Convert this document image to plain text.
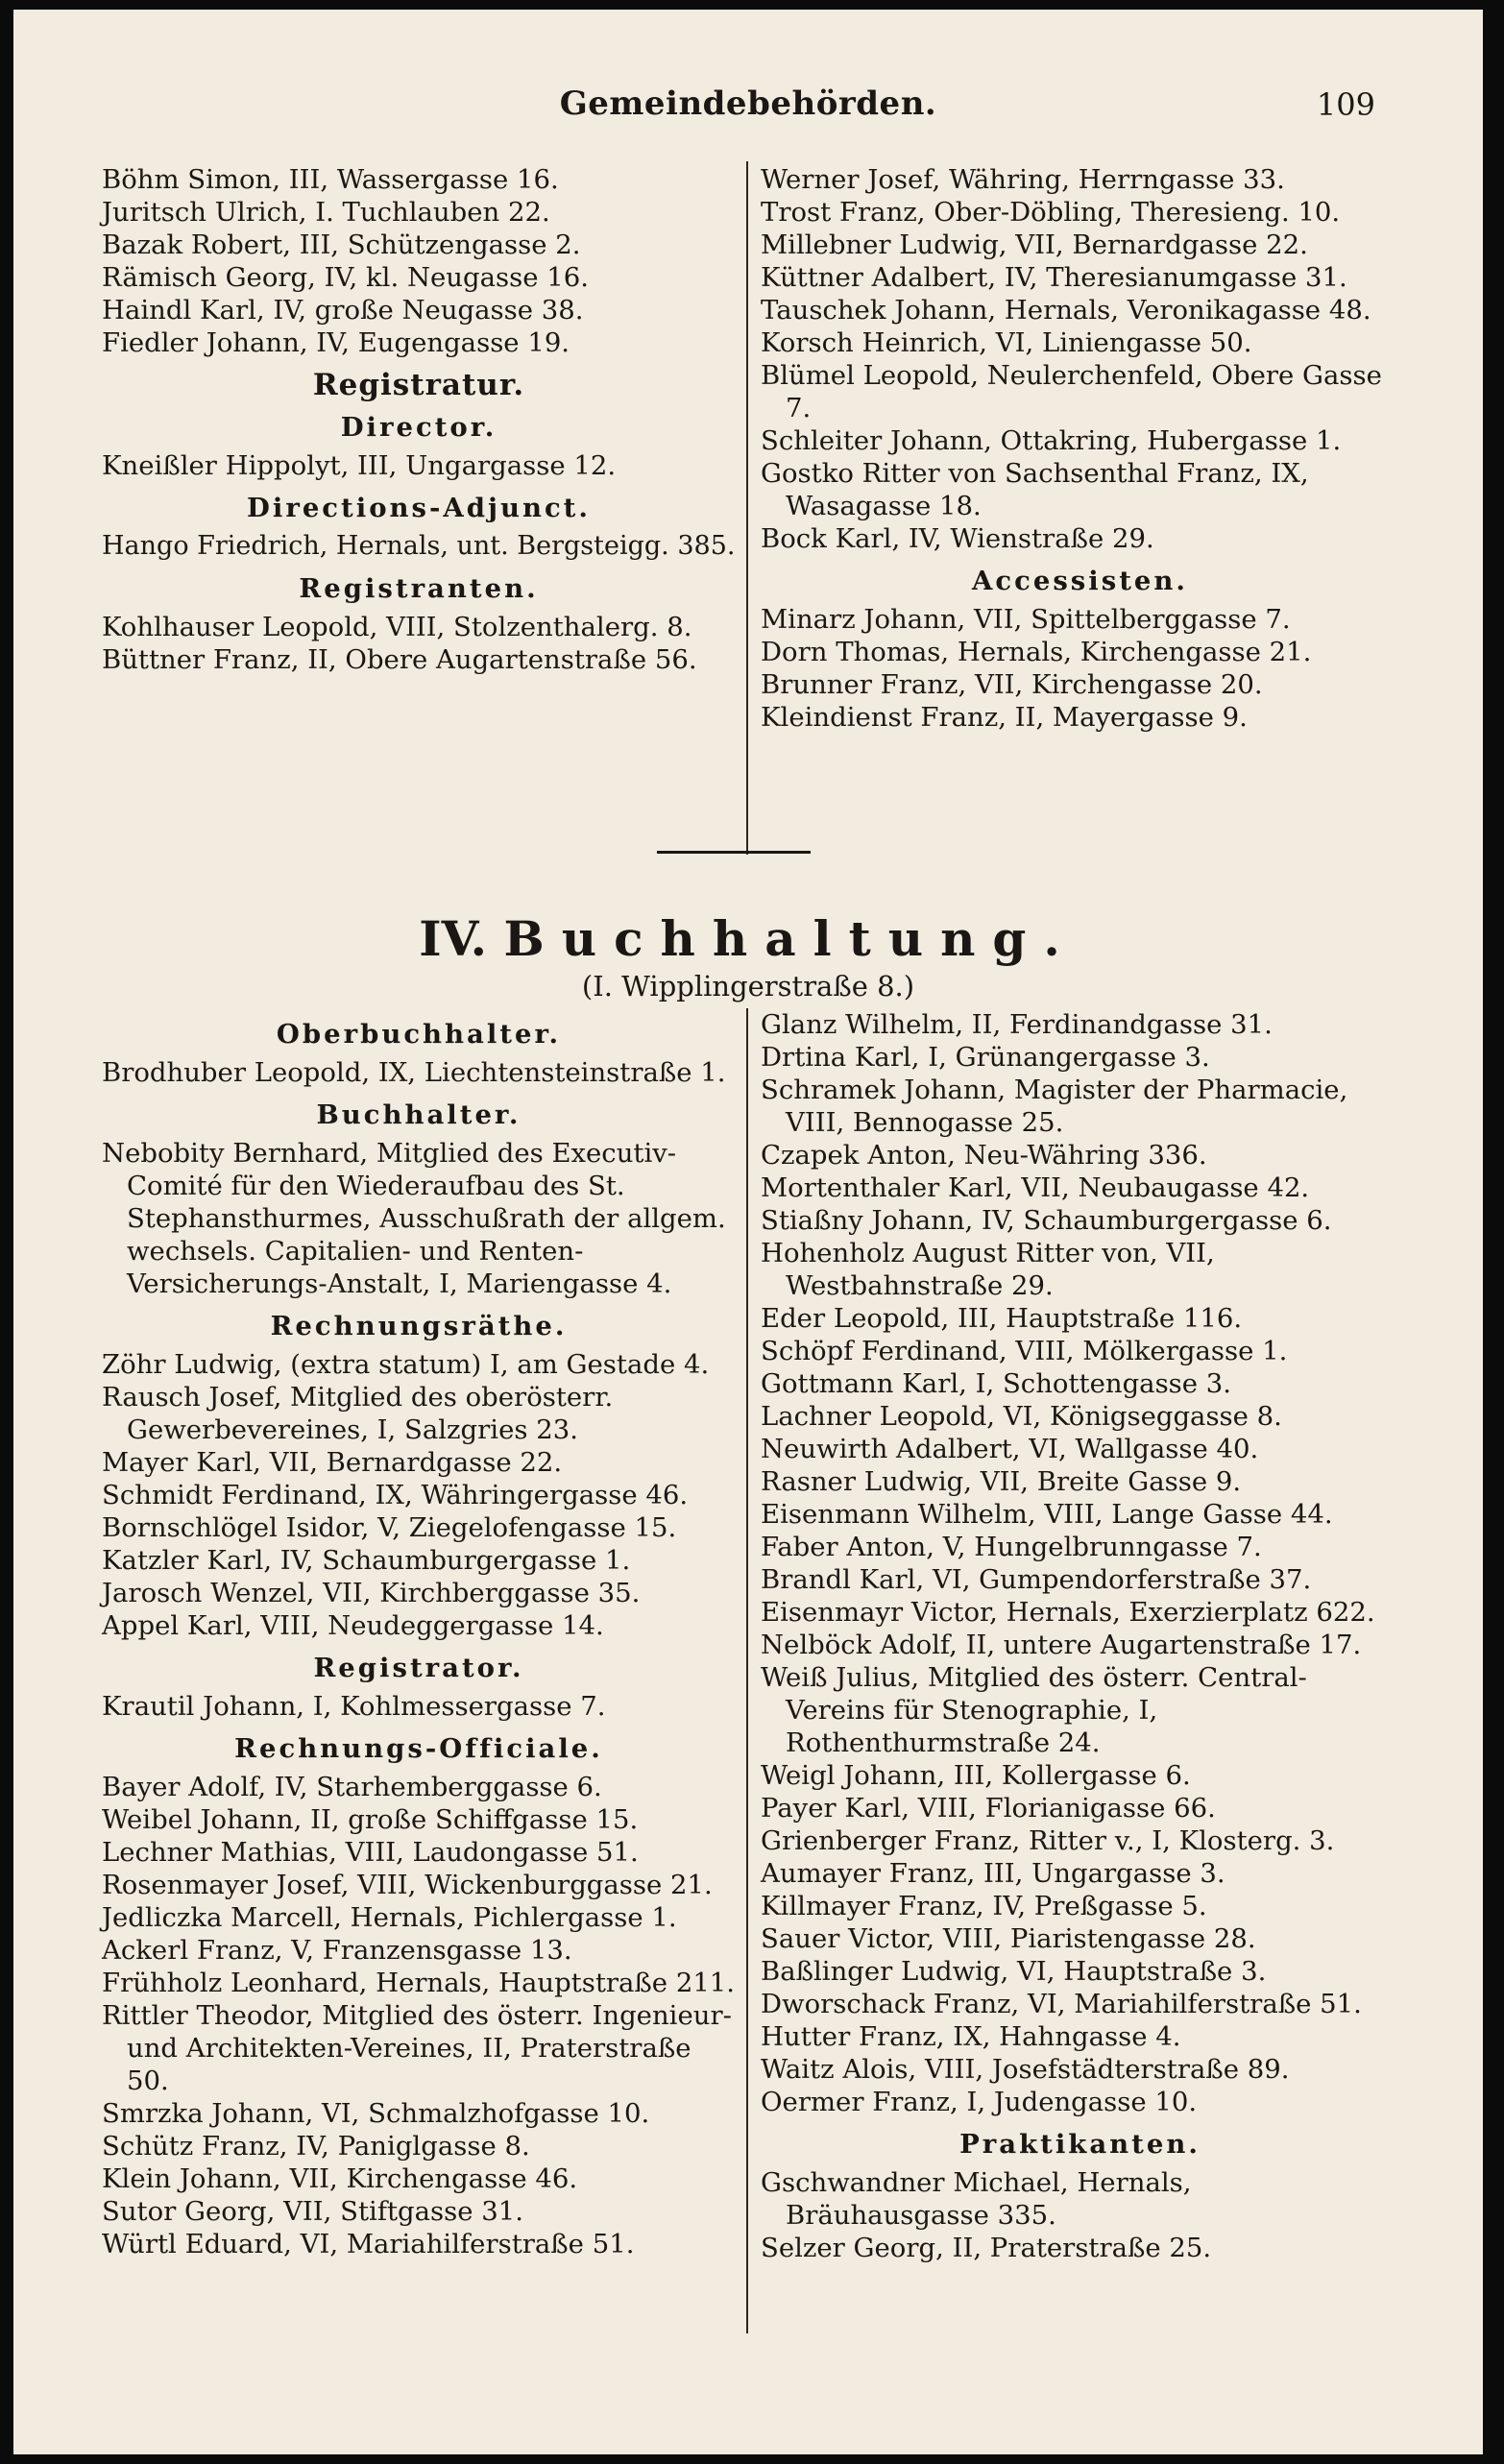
Gemeindebehörden.	109
Böhm Simon, III, Wassergasse 16.
Juritsch Ulrich, I. Tuchlauben 22.
Bazak Robert, III, Schützengasse 2.
Rämisch Georg, IV, kl. Neugasse 16.
Haindl Karl, IV, große Neugasse 38.
Fiedler Johann, IV, Eugengasse 19.
Registratur.
Director.
Kneißler Hippolyt, III, Ungargasse 12.
Directions-Adjunct.
Hango Friedrich, Hernals, unt. Bergsteigg. 385.
Registranten.
Kohlhauser Leopold, VIII, Stolzenthalerg. 8.
Büttner Franz, II, Obere Augartenstraße 56.
Werner Josef, Währing, Herrngasse 33.
Trost Franz, Ober-Döbling, Theresieng. 10.
Millebner Ludwig, VII, Bernardgasse 22.
Küttner Adalbert, IV, Theresianumgasse 31.
Tauschek Johann, Hernals, Veronikagasse 48.
Korsch Heinrich, VI, Liniengasse 50.
Blümel Leopold, Neulerchenfeld, Obere Gasse 7.
Schleiter Johann, Ottakring, Hubergasse 1.
Gostko Ritter von Sachsenthal Franz, IX, Wasagasse 18.
Bock Karl, IV, Wienstraße 29.
Accessisten.
Minarz Johann, VII, Spittelberggasse 7.
Dorn Thomas, Hernals, Kirchengasse 21.
Brunner Franz, VII, Kirchengasse 20.
Kleindienst Franz, II, Mayergasse 9.
IV. Buchhaltung.
(I. Wipplingerstraße 8.)
Oberbuchhalter.
Brodhuber Leopold, IX, Liechtensteinstraße 1.
Buchhalter.
Nebobity Bernhard, Mitglied des Executiv-Comité für den Wiederaufbau des St. Stephansthurmes, Ausschußrath der allgem. wechsels. Capitalien- und Renten-Versicherungs-Anstalt, I, Mariengasse 4.
Rechnungsräthe.
Zöhr Ludwig, (extra statum) I, am Gestade 4.
Rausch Josef, Mitglied des oberösterr. Gewerbevereines, I, Salzgries 23.
Mayer Karl, VII, Bernardgasse 22.
Schmidt Ferdinand, IX, Währingergasse 46.
Bornschlögel Isidor, V, Ziegelofengasse 15.
Katzler Karl, IV, Schaumburgergasse 1.
Jarosch Wenzel, VII, Kirchberggasse 35.
Appel Karl, VIII, Neudeggergasse 14.
Registrator.
Krautil Johann, I, Kohlmessergasse 7.
Rechnungs-Officiale.
Bayer Adolf, IV, Starhemberggasse 6.
Weibel Johann, II, große Schiffgasse 15.
Lechner Mathias, VIII, Laudongasse 51.
Rosenmayer Josef, VIII, Wickenburggasse 21.
Jedliczka Marcell, Hernals, Pichlergasse 1.
Ackerl Franz, V, Franzensgasse 13.
Frühholz Leonhard, Hernals, Hauptstraße 211.
Rittler Theodor, Mitglied des österr. Ingenieur- und Architekten-Vereines, II, Praterstraße 50.
Smrzka Johann, VI, Schmalzhofgasse 10.
Schütz Franz, IV, Paniglgasse 8.
Klein Johann, VII, Kirchengasse 46.
Sutor Georg, VII, Stiftgasse 31.
Würtl Eduard, VI, Mariahilferstraße 51.
Glanz Wilhelm, II, Ferdinandgasse 31.
Drtina Karl, I, Grünangergasse 3.
Schramek Johann, Magister der Pharmacie, VIII, Bennogasse 25.
Czapek Anton, Neu-Währing 336.
Mortenthaler Karl, VII, Neubaugasse 42.
Stiaßny Johann, IV, Schaumburgergasse 6.
Hohenholz August Ritter von, VII, Westbahnstraße 29.
Eder Leopold, III, Hauptstraße 116.
Schöpf Ferdinand, VIII, Mölkergasse 1.
Gottmann Karl, I, Schottengasse 3.
Lachner Leopold, VI, Königseggasse 8.
Neuwirth Adalbert, VI, Wallgasse 40.
Rasner Ludwig, VII, Breite Gasse 9.
Eisenmann Wilhelm, VIII, Lange Gasse 44.
Faber Anton, V, Hungelbrunngasse 7.
Brandl Karl, VI, Gumpendorferstraße 37.
Eisenmayr Victor, Hernals, Exerzierplatz 622.
Nelböck Adolf, II, untere Augartenstraße 17.
Weiß Julius, Mitglied des österr. Central-Vereins für Stenographie, I, Rothenthurmstraße 24.
Weigl Johann, III, Kollergasse 6.
Payer Karl, VIII, Florianigasse 66.
Grienberger Franz, Ritter v., I, Klosterg. 3.
Aumayer Franz, III, Ungargasse 3.
Killmayer Franz, IV, Preßgasse 5.
Sauer Victor, VIII, Piaristengasse 28.
Baßlinger Ludwig, VI, Hauptstraße 3.
Dworschack Franz, VI, Mariahilferstraße 51.
Hutter Franz, IX, Hahngasse 4.
Waitz Alois, VIII, Josefstädterstraße 89.
Oermer Franz, I, Judengasse 10.
Praktikanten.
Gschwandner Michael, Hernals, Bräuhausgasse 335.
Selzer Georg, II, Praterstraße 25.
